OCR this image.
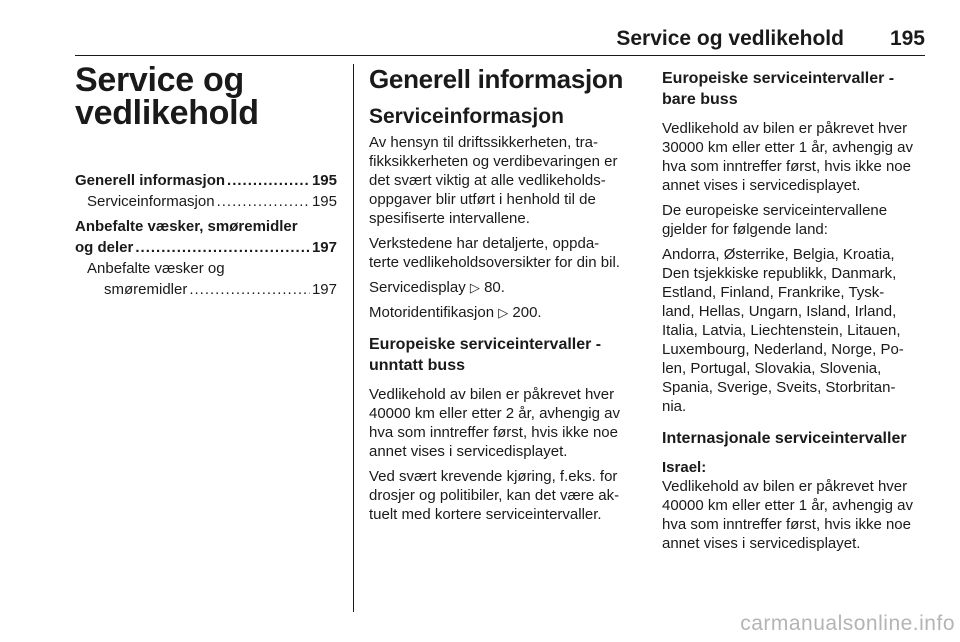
Service og vedlikehold 195
Service og
vedlikehold
Generell informasjon .....	195
Serviceinformasjon .....	195
Anbefalte væsker, smøremidler
og deler .....	197
Anbefalte væsker og
smøremidler .....	197
Generell informasjon
Serviceinformasjon

Av hensyn til driftssikkerheten, tra-
fikksikkerheten og verdibevaringen er
det svært viktig at alle vedlikeholds-
oppgaver blir utført i henhold til de
spesifiserte intervallene.

Verkstedene har detaljerte, oppda-
terte vedlikeholdsoversikter for din bil.

Servicedisplay ▷ 80.

Motoridentifikasjon ▷ 200.

Europeiske serviceintervaller -
unntatt buss

Vedlikehold av bilen er påkrevet hver
40000 km eller etter 2 år, avhengig av
hva som inntreffer først, hvis ikke noe
annet vises i servicedisplayet.

Ved svært krevende kjøring, f.eks. for
drosjer og politibiler, kan det være ak-
tuelt med kortere serviceintervaller.

Europeiske serviceintervaller -
bare buss

Vedlikehold av bilen er påkrevet hver
30000 km eller etter 1 år, avhengig av
hva som inntreffer først, hvis ikke noe
annet vises i servicedisplayet.

De europeiske serviceintervallene
gjelder for følgende land:

Andorra, Østerrike, Belgia, Kroatia,
Den tsjekkiske republikk, Danmark,
Estland, Finland, Frankrike, Tysk-
land, Hellas, Ungarn, Island, Irland,
Italia, Latvia, Liechtenstein, Litauen,
Luxembourg, Nederland, Norge, Po-
len, Portugal, Slovakia, Slovenia,
Spania, Sverige, Sveits, Storbritan-
nia.

Internasjonale serviceintervaller

Israel:

Vedlikehold av bilen er påkrevet hver
40000 km eller etter 1 år, avhengig av
hva som inntreffer først, hvis ikke noe
annet vises i servicedisplayet.

carmanualsonline.info
